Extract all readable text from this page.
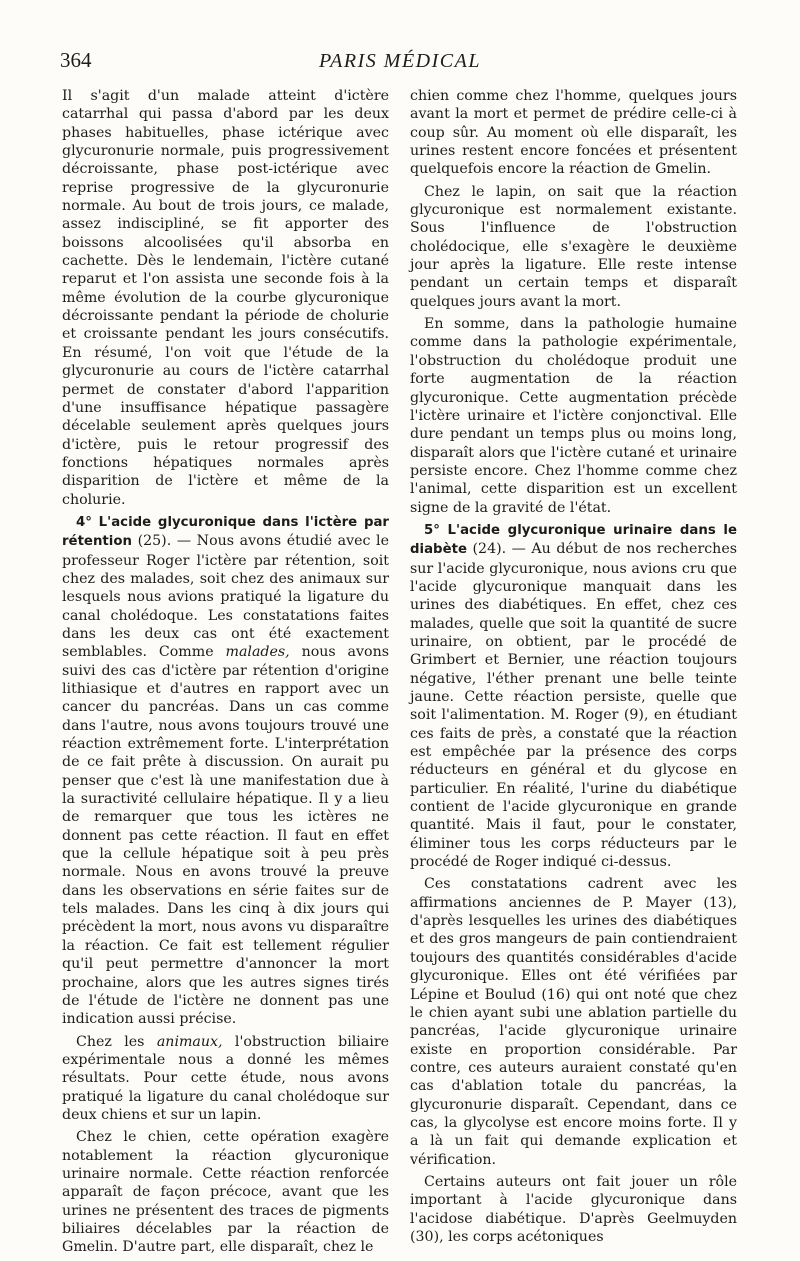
364	PARIS MÉDICAL

Il s'agit d'un malade atteint d'ictère catarrhal qui passa d'abord par les deux phases habituelles, phase ictérique avec glycuronurie normale, puis progressivement décroissante, phase post-ictérique avec reprise progressive de la glycuronurie normale. Au bout de trois jours, ce malade, assez indiscipliné, se fit apporter des boissons alcoolisées qu'il absorba en cachette. Dès le lendemain, l'ictère cutané reparut et l'on assista une seconde fois à la même évolution de la courbe glycuronique décroissante pendant la période de cholurie et croissante pendant les jours consécutifs. En résumé, l'on voit que l'étude de la glycuronurie au cours de l'ictère catarrhal permet de constater d'abord l'apparition d'une insuffisance hépatique passagère décelable seulement après quelques jours d'ictère, puis le retour progressif des fonctions hépatiques normales après disparition de l'ictère et même de la cholurie.

4° L'acide glycuronique dans l'ictère par rétention (25). — Nous avons étudié avec le professeur Roger l'ictère par rétention, soit chez des malades, soit chez des animaux sur lesquels nous avions pratiqué la ligature du canal cholédoque. Les constatations faites dans les deux cas ont été exactement semblables. Comme malades, nous avons suivi des cas d'ictère par rétention d'origine lithiasique et d'autres en rapport avec un cancer du pancréas. Dans un cas comme dans l'autre, nous avons toujours trouvé une réaction extrêmement forte. L'interprétation de ce fait prête à discussion. On aurait pu penser que c'est là une manifestation due à la suractivité cellulaire hépatique. Il y a lieu de remarquer que tous les ictères ne donnent pas cette réaction. Il faut en effet que la cellule hépatique soit à peu près normale. Nous en avons trouvé la preuve dans les observations en série faites sur de tels malades. Dans les cinq à dix jours qui précèdent la mort, nous avons vu disparaître la réaction. Ce fait est tellement régulier qu'il peut permettre d'annoncer la mort prochaine, alors que les autres signes tirés de l'étude de l'ictère ne donnent pas une indication aussi précise.

Chez les animaux, l'obstruction biliaire expérimentale nous a donné les mêmes résultats. Pour cette étude, nous avons pratiqué la ligature du canal cholédoque sur deux chiens et sur un lapin.

Chez le chien, cette opération exagère notablement la réaction glycuronique urinaire normale. Cette réaction renforcée apparaît de façon précoce, avant que les urines ne présentent des traces de pigments biliaires décelables par la réaction de Gmelin. D'autre part, elle disparaît, chez le

chien comme chez l'homme, quelques jours avant la mort et permet de prédire celle-ci à coup sûr. Au moment où elle disparaît, les urines restent encore foncées et présentent quelquefois encore la réaction de Gmelin.

Chez le lapin, on sait que la réaction glycuronique est normalement existante. Sous l'influence de l'obstruction cholédocique, elle s'exagère le deuxième jour après la ligature. Elle reste intense pendant un certain temps et disparaît quelques jours avant la mort.

En somme, dans la pathologie humaine comme dans la pathologie expérimentale, l'obstruction du cholédoque produit une forte augmentation de la réaction glycuronique. Cette augmentation précède l'ictère urinaire et l'ictère conjonctival. Elle dure pendant un temps plus ou moins long, disparaît alors que l'ictère cutané et urinaire persiste encore. Chez l'homme comme chez l'animal, cette disparition est un excellent signe de la gravité de l'état.

5° L'acide glycuronique urinaire dans le diabète (24). — Au début de nos recherches sur l'acide glycuronique, nous avions cru que l'acide glycuronique manquait dans les urines des diabétiques. En effet, chez ces malades, quelle que soit la quantité de sucre urinaire, on obtient, par le procédé de Grimbert et Bernier, une réaction toujours négative, l'éther prenant une belle teinte jaune. Cette réaction persiste, quelle que soit l'alimentation. M. Roger (9), en étudiant ces faits de près, a constaté que la réaction est empêchée par la présence des corps réducteurs en général et du glycose en particulier. En réalité, l'urine du diabétique contient de l'acide glycuronique en grande quantité. Mais il faut, pour le constater, éliminer tous les corps réducteurs par le procédé de Roger indiqué ci-dessus.

Ces constatations cadrent avec les affirmations anciennes de P. Mayer (13), d'après lesquelles les urines des diabétiques et des gros mangeurs de pain contiendraient toujours des quantités considérables d'acide glycuronique. Elles ont été vérifiées par Lépine et Boulud (16) qui ont noté que chez le chien ayant subi une ablation partielle du pancréas, l'acide glycuronique urinaire existe en proportion considérable. Par contre, ces auteurs auraient constaté qu'en cas d'ablation totale du pancréas, la glycuronurie disparaît. Cependant, dans ce cas, la glycolyse est encore moins forte. Il y a là un fait qui demande explication et vérification.

Certains auteurs ont fait jouer un rôle important à l'acide glycuronique dans l'acidose diabétique. D'après Geelmuyden (30), les corps acétoniques
